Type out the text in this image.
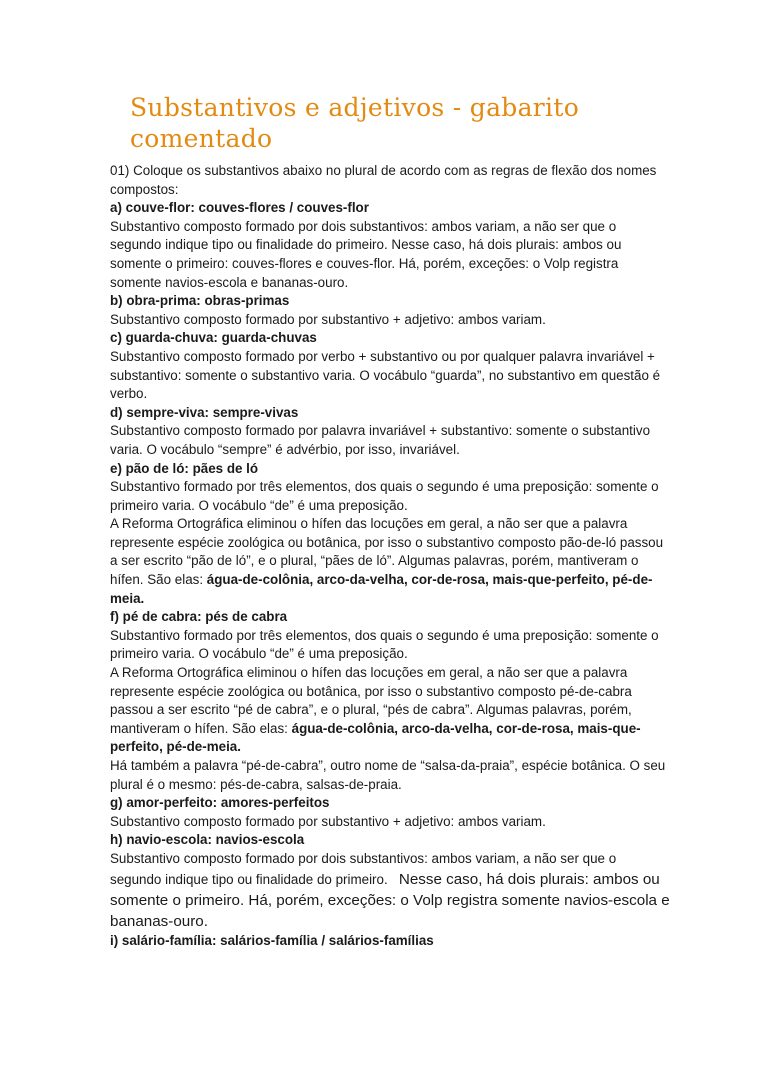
Substantivos e adjetivos - gabarito comentado

01) Coloque os substantivos abaixo no plural de acordo com as regras de flexão dos nomes compostos:

a) couve-flor: couves-flores / couves-flor

Substantivo composto formado por dois substantivos: ambos variam, a não ser que o segundo indique tipo ou finalidade do primeiro. Nesse caso, há dois plurais: ambos ou somente o primeiro: couves-flores e couves-flor. Há, porém, exceções: o Volp registra somente navios-escola e bananas-ouro.

b) obra-prima: obras-primas

Substantivo composto formado por substantivo + adjetivo: ambos variam.

c) guarda-chuva: guarda-chuvas

Substantivo composto formado por verbo + substantivo ou por qualquer palavra invariável + substantivo: somente o substantivo varia. O vocábulo “guarda”, no substantivo em questão é verbo.

d) sempre-viva: sempre-vivas

Substantivo composto formado por palavra invariável + substantivo: somente o substantivo varia. O vocábulo “sempre” é advérbio, por isso, invariável.

e) pão de ló: pães de ló

Substantivo formado por três elementos, dos quais o segundo é uma preposição: somente o primeiro varia. O vocábulo “de” é uma preposição.

A Reforma Ortográfica eliminou o hífen das locuções em geral, a não ser que a palavra represente espécie zoológica ou botânica, por isso o substantivo composto pão-de-ló passou a ser escrito “pão de ló”, e o plural, “pães de ló”. Algumas palavras, porém, mantiveram o hífen. São elas: água-de-colônia, arco-da-velha, cor-de-rosa, mais-que-perfeito, pé-de-meia.

f) pé de cabra: pés de cabra

Substantivo formado por três elementos, dos quais o segundo é uma preposição: somente o primeiro varia. O vocábulo “de” é uma preposição.

A Reforma Ortográfica eliminou o hífen das locuções em geral, a não ser que a palavra represente espécie zoológica ou botânica, por isso o substantivo composto pé-de-cabra passou a ser escrito “pé de cabra”, e o plural, “pés de cabra”. Algumas palavras, porém, mantiveram o hífen. São elas: água-de-colônia, arco-da-velha, cor-de-rosa, mais-que-perfeito, pé-de-meia.

Há também a palavra “pé-de-cabra”, outro nome de “salsa-da-praia”, espécie botânica. O seu plural é o mesmo: pés-de-cabra, salsas-de-praia.

g) amor-perfeito: amores-perfeitos

Substantivo composto formado por substantivo + adjetivo: ambos variam.

h) navio-escola: navios-escola

Substantivo composto formado por dois substantivos: ambos variam, a não ser que o segundo indique tipo ou finalidade do primeiro. Nesse caso, há dois plurais: ambos ou somente o primeiro. Há, porém, exceções: o Volp registra somente navios-escola e bananas-ouro.

i) salário-família: salários-família / salários-famílias
